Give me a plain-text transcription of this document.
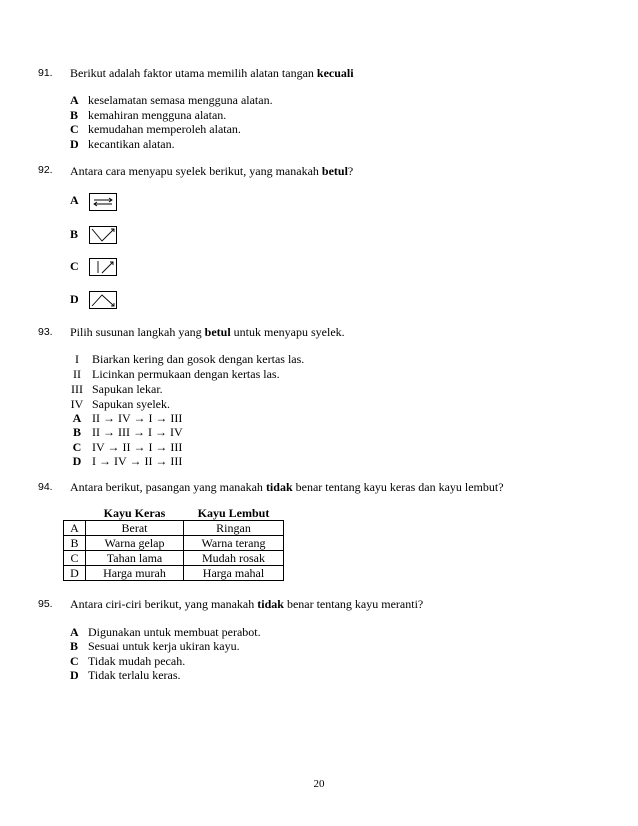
91. Berikut adalah faktor utama memilih alatan tangan kecuali
A keselamatan semasa mengguna alatan.
B kemahiran mengguna alatan.
C kemudahan memperoleh alatan.
D kecantikan alatan.
92. Antara cara menyapu syelek berikut, yang manakah betul?
A
B
C
D
93. Pilih susunan langkah yang betul untuk menyapu syelek.
I Biarkan kering dan gosok dengan kertas las.
II Licinkan permukaan dengan kertas las.
III Sapukan lekar.
IV Sapukan syelek.
A II → IV → I → III
B II → III → I → IV
C IV → II → I → III
D I → IV → II → III
94. Antara berikut, pasangan yang manakah tidak benar tentang kayu keras dan kayu lembut?
	Kayu Keras	Kayu Lembut
A	Berat	Ringan
B	Warna gelap	Warna terang
C	Tahan lama	Mudah rosak
D	Harga murah	Harga mahal
95. Antara ciri-ciri berikut, yang manakah tidak benar tentang kayu meranti?
A Digunakan untuk membuat perabot.
B Sesuai untuk kerja ukiran kayu.
C Tidak mudah pecah.
D Tidak terlalu keras.
20
